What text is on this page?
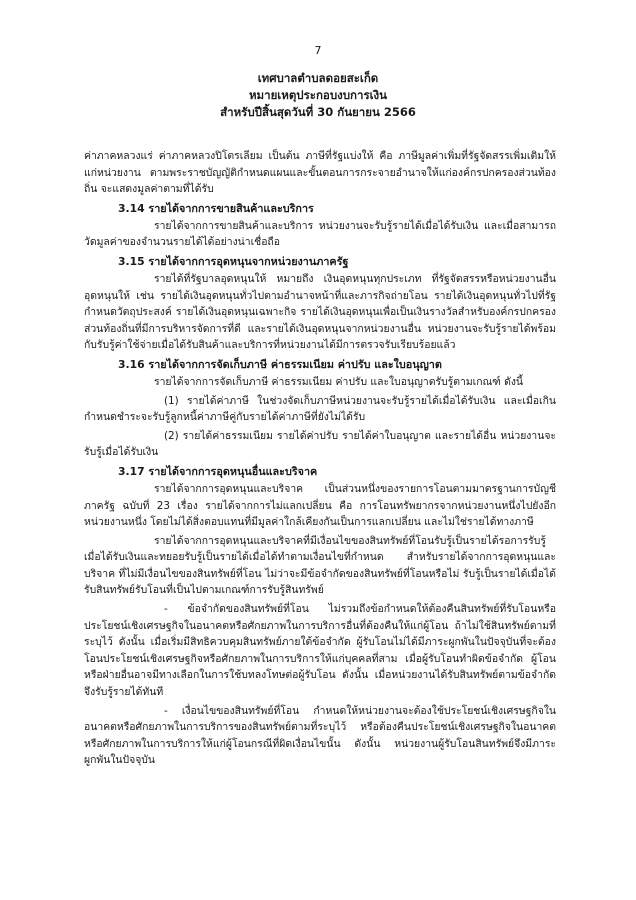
7
เทศบาลตำบลดอยสะเก็ด
หมายเหตุประกอบงบการเงิน
สำหรับปีสิ้นสุดวันที่ 30 กันยายน 2566

ค่าภาคหลวงแร่ ค่าภาคหลวงปิโตรเลียม เป็นต้น ภาษีที่รัฐแบ่งให้ คือ ภาษีมูลค่าเพิ่มที่รัฐจัดสรรเพิ่มเติมให้แก่หน่วยงาน ตามพระราชบัญญัติกำหนดแผนและขั้นตอนการกระจายอำนาจให้แก่องค์กรปกครองส่วนท้องถิ่น จะแสดงมูลค่าตามที่ได้รับ

3.14 รายได้จากการขายสินค้าและบริการ

รายได้จากการขายสินค้าและบริการ หน่วยงานจะรับรู้รายได้เมื่อได้รับเงิน และเมื่อสามารถวัดมูลค่าของจำนวนรายได้ได้อย่างน่าเชื่อถือ

3.15 รายได้จากการอุดหนุนจากหน่วยงานภาครัฐ

รายได้ที่รัฐบาลอุดหนุนให้ หมายถึง เงินอุดหนุนทุกประเภท ที่รัฐจัดสรรหรือหน่วยงานอื่นอุดหนุนให้ เช่น รายได้เงินอุดหนุนทั่วไปตามอำนาจหน้าที่และภารกิจถ่ายโอน รายได้เงินอุดหนุนทั่วไปที่รัฐกำหนดวัตถุประสงค์ รายได้เงินอุดหนุนเฉพาะกิจ รายได้เงินอุดหนุนเพื่อเป็นเงินรางวัลสำหรับองค์กรปกครองส่วนท้องถิ่นที่มีการบริหารจัดการที่ดี และรายได้เงินอุดหนุนจากหน่วยงานอื่น หน่วยงานจะรับรู้รายได้พร้อมกับรับรู้ค่าใช้จ่ายเมื่อได้รับสินค้าและบริการที่หน่วยงานได้มีการตรวจรับเรียบร้อยแล้ว

3.16 รายได้จากการจัดเก็บภาษี ค่าธรรมเนียม ค่าปรับ และใบอนุญาต

รายได้จากการจัดเก็บภาษี ค่าธรรมเนียม ค่าปรับ และใบอนุญาตรับรู้ตามเกณฑ์ ดังนี้

(1) รายได้ค่าภาษี ในช่วงจัดเก็บภาษีหน่วยงานจะรับรู้รายได้เมื่อได้รับเงิน และเมื่อเกินกำหนดชำระจะรับรู้ลูกหนี้ค่าภาษีคู่กับรายได้ค่าภาษีที่ยังไม่ได้รับ

(2) รายได้ค่าธรรมเนียม รายได้ค่าปรับ รายได้ค่าใบอนุญาต และรายได้อื่น หน่วยงานจะรับรู้เมื่อได้รับเงิน

3.17 รายได้จากการอุดหนุนอื่นและบริจาค

รายได้จากการอุดหนุนและบริจาค เป็นส่วนหนึ่งของรายการโอนตามมาตรฐานการบัญชีภาครัฐ ฉบับที่ 23 เรื่อง รายได้จากการไม่แลกเปลี่ยน คือ การโอนทรัพยากรจากหน่วยงานหนึ่งไปยังอีกหน่วยงานหนึ่ง โดยไม่ได้สิ่งตอบแทนที่มีมูลค่าใกล้เคียงกันเป็นการแลกเปลี่ยน และไม่ใช่รายได้ทางภาษี

รายได้จากการอุดหนุนและบริจาคที่มีเงื่อนไขของสินทรัพย์ที่โอนรับรู้เป็นรายได้รอการรับรู้ เมื่อได้รับเงินและทยอยรับรู้เป็นรายได้เมื่อได้ทำตามเงื่อนไขที่กำหนด สำหรับรายได้จากการอุดหนุนและบริจาค ที่ไม่มีเงื่อนไขของสินทรัพย์ที่โอน ไม่ว่าจะมีข้อจำกัดของสินทรัพย์ที่โอนหรือไม่ รับรู้เป็นรายได้เมื่อได้รับสินทรัพย์รับโอนที่เป็นไปตามเกณฑ์การรับรู้สินทรัพย์

- ข้อจำกัดของสินทรัพย์ที่โอน ไม่รวมถึงข้อกำหนดให้ต้องคืนสินทรัพย์ที่รับโอนหรือประโยชน์เชิงเศรษฐกิจในอนาคตหรือศักยภาพในการบริการอื่นที่ต้องคืนให้แก่ผู้โอน ถ้าไม่ใช้สินทรัพย์ตามที่ระบุไว้ ดังนั้น เมื่อเริ่มมีสิทธิควบคุมสินทรัพย์ภายใต้ข้อจำกัด ผู้รับโอนไม่ได้มีภาระผูกพันในปัจจุบันที่จะต้องโอนประโยชน์เชิงเศรษฐกิจหรือศักยภาพในการบริการให้แก่บุคคลที่สาม เมื่อผู้รับโอนทำผิดข้อจำกัด ผู้โอนหรือฝ่ายอื่นอาจมีทางเลือกในการใช้บทลงโทษต่อผู้รับโอน ดังนั้น เมื่อหน่วยงานได้รับสินทรัพย์ตามข้อจำกัดจึงรับรู้รายได้ทันที

- เงื่อนไขของสินทรัพย์ที่โอน กำหนดให้หน่วยงานจะต้องใช้ประโยชน์เชิงเศรษฐกิจในอนาคตหรือศักยภาพในการบริการของสินทรัพย์ตามที่ระบุไว้ หรือต้องคืนประโยชน์เชิงเศรษฐกิจในอนาคตหรือศักยภาพในการบริการให้แก่ผู้โอนกรณีที่ผิดเงื่อนไขนั้น ดังนั้น หน่วยงานผู้รับโอนสินทรัพย์จึงมีภาระผูกพันในปัจจุบัน
